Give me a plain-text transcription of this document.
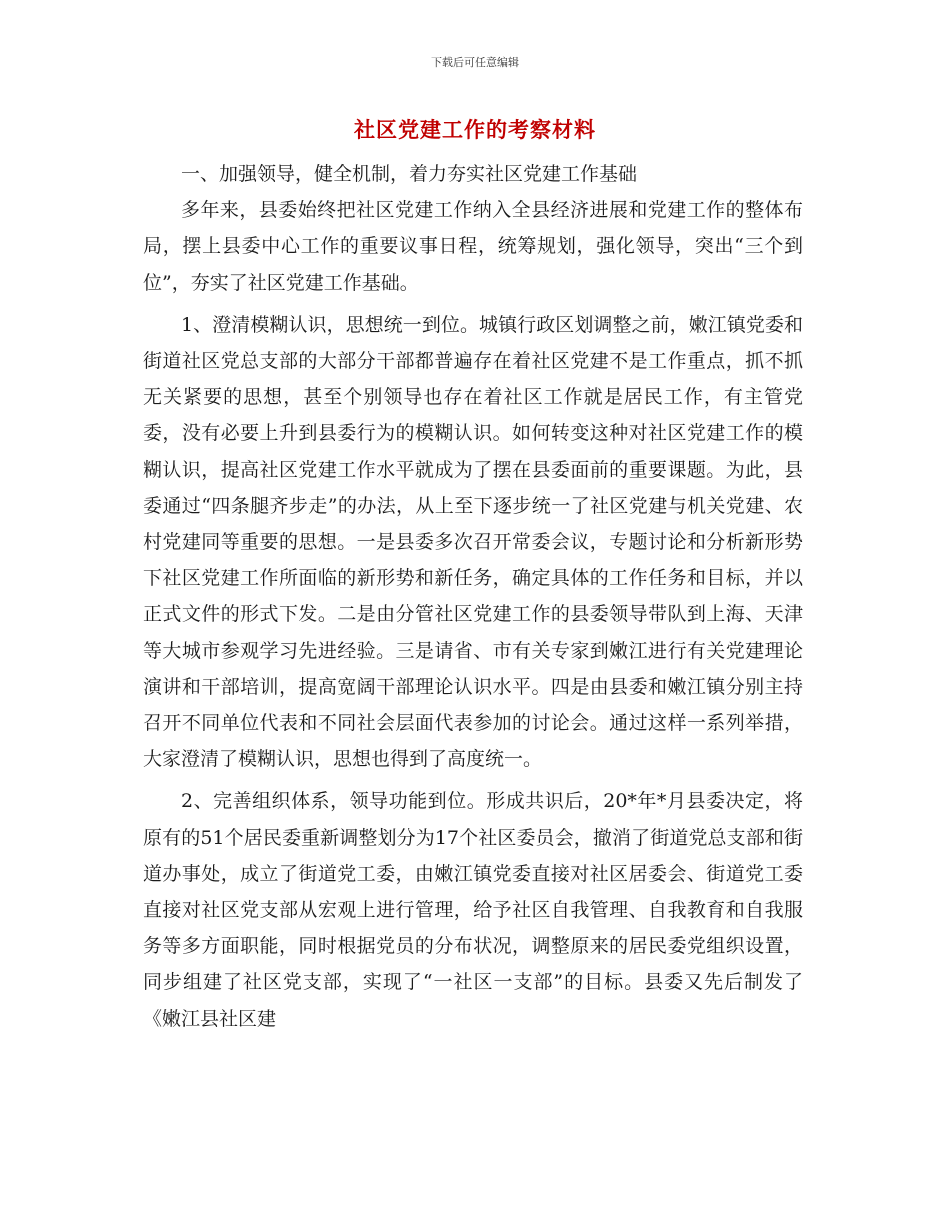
下载后可任意编辑
社区党建工作的考察材料

一、加强领导，健全机制，着力夯实社区党建工作基础

多年来，县委始终把社区党建工作纳入全县经济进展和党建工作的整体布局，摆上县委中心工作的重要议事日程，统筹规划，强化领导，突出“三个到位”，夯实了社区党建工作基础。

1、澄清模糊认识，思想统一到位。城镇行政区划调整之前，嫩江镇党委和街道社区党总支部的大部分干部都普遍存在着社区党建不是工作重点，抓不抓无关紧要的思想，甚至个别领导也存在着社区工作就是居民工作，有主管党委，没有必要上升到县委行为的模糊认识。如何转变这种对社区党建工作的模糊认识，提高社区党建工作水平就成为了摆在县委面前的重要课题。为此，县委通过“四条腿齐步走”的办法，从上至下逐步统一了社区党建与机关党建、农村党建同等重要的思想。一是县委多次召开常委会议，专题讨论和分析新形势下社区党建工作所面临的新形势和新任务，确定具体的工作任务和目标，并以正式文件的形式下发。二是由分管社区党建工作的县委领导带队到上海、天津等大城市参观学习先进经验。三是请省、市有关专家到嫩江进行有关党建理论演讲和干部培训，提高宽阔干部理论认识水平。四是由县委和嫩江镇分别主持召开不同单位代表和不同社会层面代表参加的讨论会。通过这样一系列举措，大家澄清了模糊认识，思想也得到了高度统一。

2、完善组织体系，领导功能到位。形成共识后，20*年*月县委决定，将原有的51个居民委重新调整划分为17个社区委员会，撤消了街道党总支部和街道办事处，成立了街道党工委，由嫩江镇党委直接对社区居委会、街道党工委直接对社区党支部从宏观上进行管理，给予社区自我管理、自我教育和自我服务等多方面职能，同时根据党员的分布状况，调整原来的居民委党组织设置，同步组建了社区党支部，实现了“一社区一支部”的目标。县委又先后制发了《嫩江县社区建
